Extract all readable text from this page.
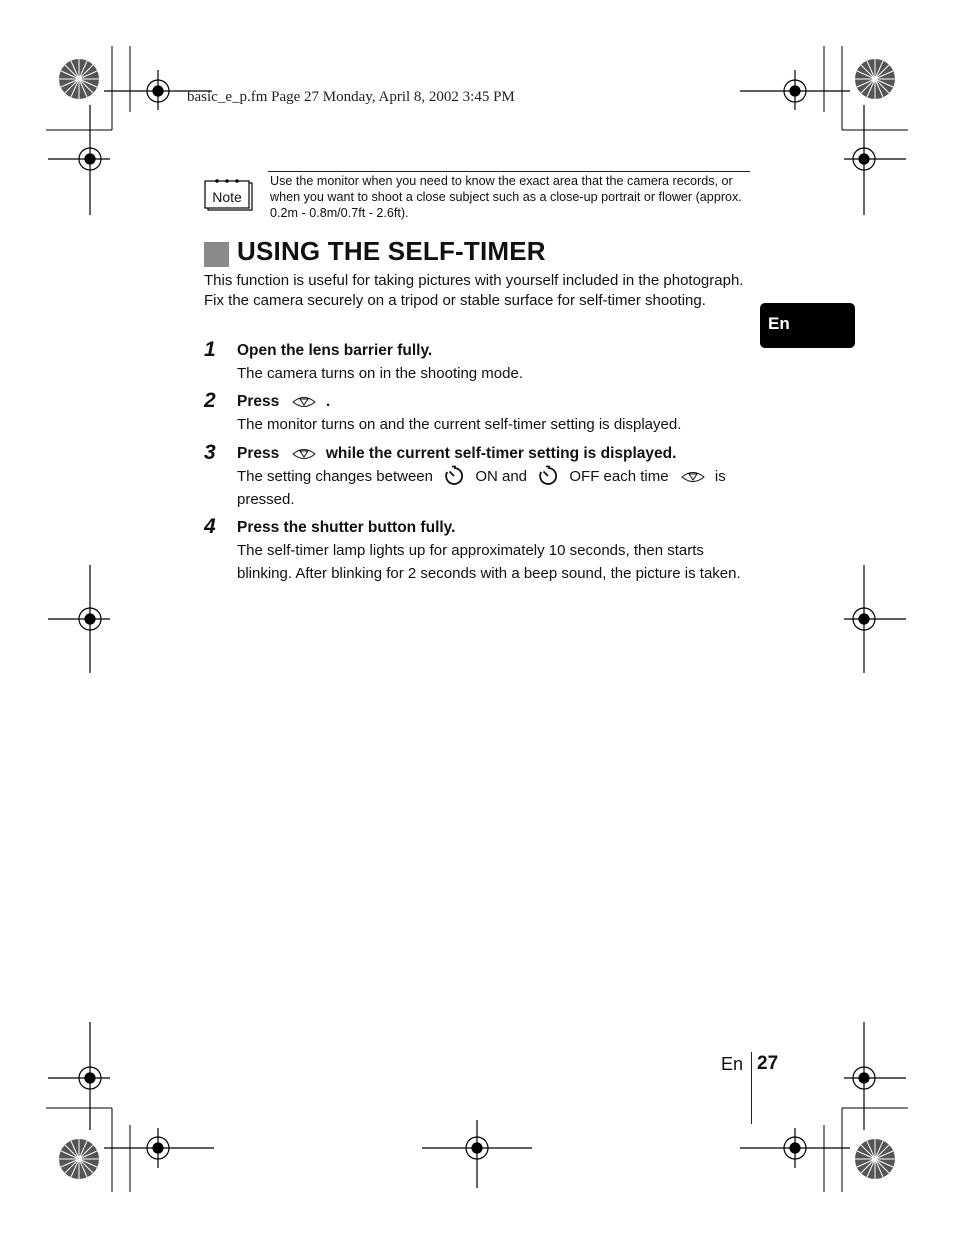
basic_e_p.fm Page 27 Monday, April 8, 2002 3:45 PM
Note
Use the monitor when you need to know the exact area that the camera records, or when you want to shoot a close subject such as a close-up portrait or flower (approx. 0.2m - 0.8m/0.7ft - 2.6ft).
USING THE SELF-TIMER
This function is useful for taking pictures with yourself included in the photograph. Fix the camera securely on a tripod or stable surface for self-timer shooting.
1 Open the lens barrier fully.
The camera turns on in the shooting mode.
2 Press	.
The monitor turns on and the current self-timer setting is displayed.
3 Press	while the current self-timer setting is displayed.
The setting changes between	ON and	OFF each time	is pressed.
4 Press the shutter button fully.
The self-timer lamp lights up for approximately 10 seconds, then starts blinking. After blinking for 2 seconds with a beep sound, the picture is taken.
En
En 27
